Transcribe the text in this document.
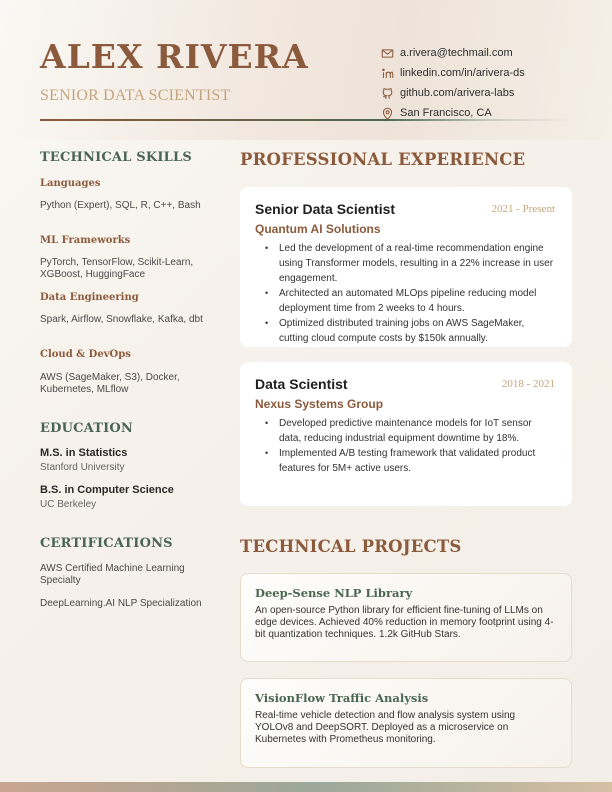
ALEX RIVERA
SENIOR DATA SCIENTIST
a.rivera@techmail.com
linkedin.com/in/arivera-ds
github.com/arivera-labs
San Francisco, CA
TECHNICAL SKILLS
Languages
Python (Expert), SQL, R, C++, Bash
ML Frameworks
PyTorch, TensorFlow, Scikit-Learn, XGBoost, HuggingFace
Data Engineering
Spark, Airflow, Snowflake, Kafka, dbt
Cloud & DevOps
AWS (SageMaker, S3), Docker, Kubernetes, MLflow
EDUCATION
M.S. in Statistics
Stanford University
B.S. in Computer Science
UC Berkeley
CERTIFICATIONS
AWS Certified Machine Learning Specialty
DeepLearning.AI NLP Specialization
PROFESSIONAL EXPERIENCE
Senior Data Scientist	2021 - Present
Quantum AI Solutions
• Led the development of a real-time recommendation engine using Transformer models, resulting in a 22% increase in user engagement.
• Architected an automated MLOps pipeline reducing model deployment time from 2 weeks to 4 hours.
• Optimized distributed training jobs on AWS SageMaker, cutting cloud compute costs by $150k annually.
Data Scientist	2018 - 2021
Nexus Systems Group
• Developed predictive maintenance models for IoT sensor data, reducing industrial equipment downtime by 18%.
• Implemented A/B testing framework that validated product features for 5M+ active users.
TECHNICAL PROJECTS
Deep-Sense NLP Library
An open-source Python library for efficient fine-tuning of LLMs on edge devices. Achieved 40% reduction in memory footprint using 4-bit quantization techniques. 1.2k GitHub Stars.
VisionFlow Traffic Analysis
Real-time vehicle detection and flow analysis system using YOLOv8 and DeepSORT. Deployed as a microservice on Kubernetes with Prometheus monitoring.
